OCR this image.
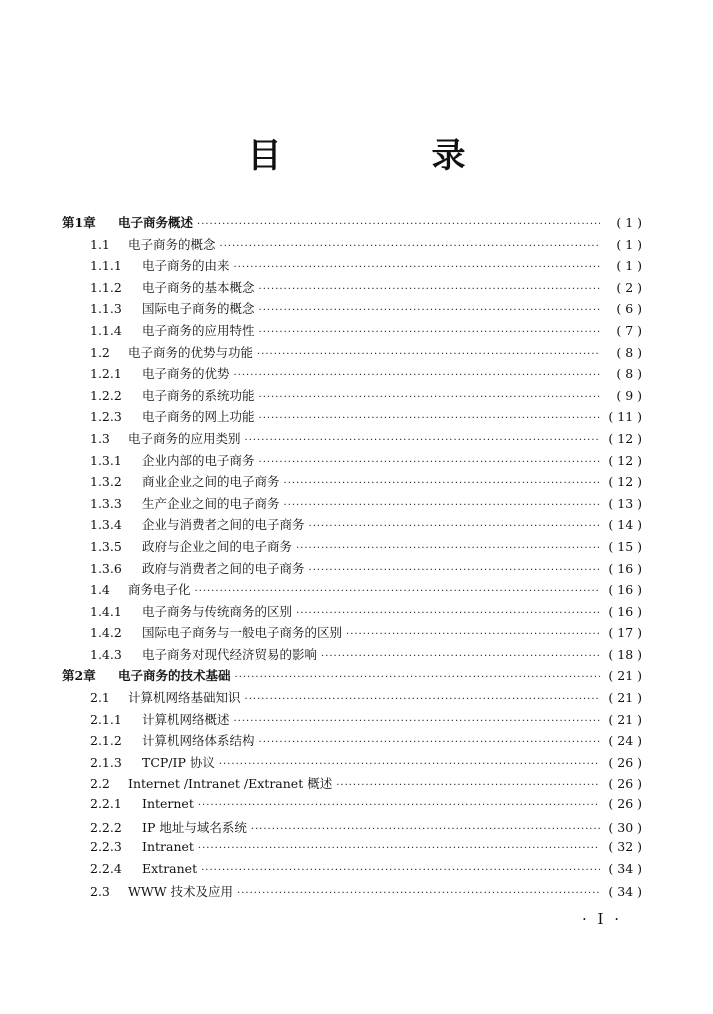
目　录
第1章	电子商务概述 ·····	( 1 )
1.1	电子商务的概念 ·····	( 1 )
1.1.1	电子商务的由来 ·····	( 1 )
1.1.2	电子商务的基本概念 ·····	( 2 )
1.1.3	国际电子商务的概念 ·····	( 6 )
1.1.4	电子商务的应用特性 ·····	( 7 )
1.2	电子商务的优势与功能 ·····	( 8 )
1.2.1	电子商务的优势 ·····	( 8 )
1.2.2	电子商务的系统功能 ·····	( 9 )
1.2.3	电子商务的网上功能 ·····	( 11 )
1.3	电子商务的应用类别 ·····	( 12 )
1.3.1	企业内部的电子商务 ·····	( 12 )
1.3.2	商业企业之间的电子商务 ·····	( 12 )
1.3.3	生产企业之间的电子商务 ·····	( 13 )
1.3.4	企业与消费者之间的电子商务 ·····	( 14 )
1.3.5	政府与企业之间的电子商务 ·····	( 15 )
1.3.6	政府与消费者之间的电子商务 ·····	( 16 )
1.4	商务电子化 ·····	( 16 )
1.4.1	电子商务与传统商务的区别 ·····	( 16 )
1.4.2	国际电子商务与一般电子商务的区别 ·····	( 17 )
1.4.3	电子商务对现代经济贸易的影响 ·····	( 18 )
第2章	电子商务的技术基础 ·····	( 21 )
2.1	计算机网络基础知识 ·····	( 21 )
2.1.1	计算机网络概述 ·····	( 21 )
2.1.2	计算机网络体系结构 ·····	( 24 )
2.1.3	TCP/IP 协议 ·····	( 26 )
2.2	Internet /Intranet /Extranet 概述 ·····	( 26 )
2.2.1	Internet ·····	( 26 )
2.2.2	IP 地址与域名系统 ·····	( 30 )
2.2.3	Intranet ·····	( 32 )
2.2.4	Extranet ·····	( 34 )
2.3	WWW 技术及应用 ·····	( 34 )
· I ·
